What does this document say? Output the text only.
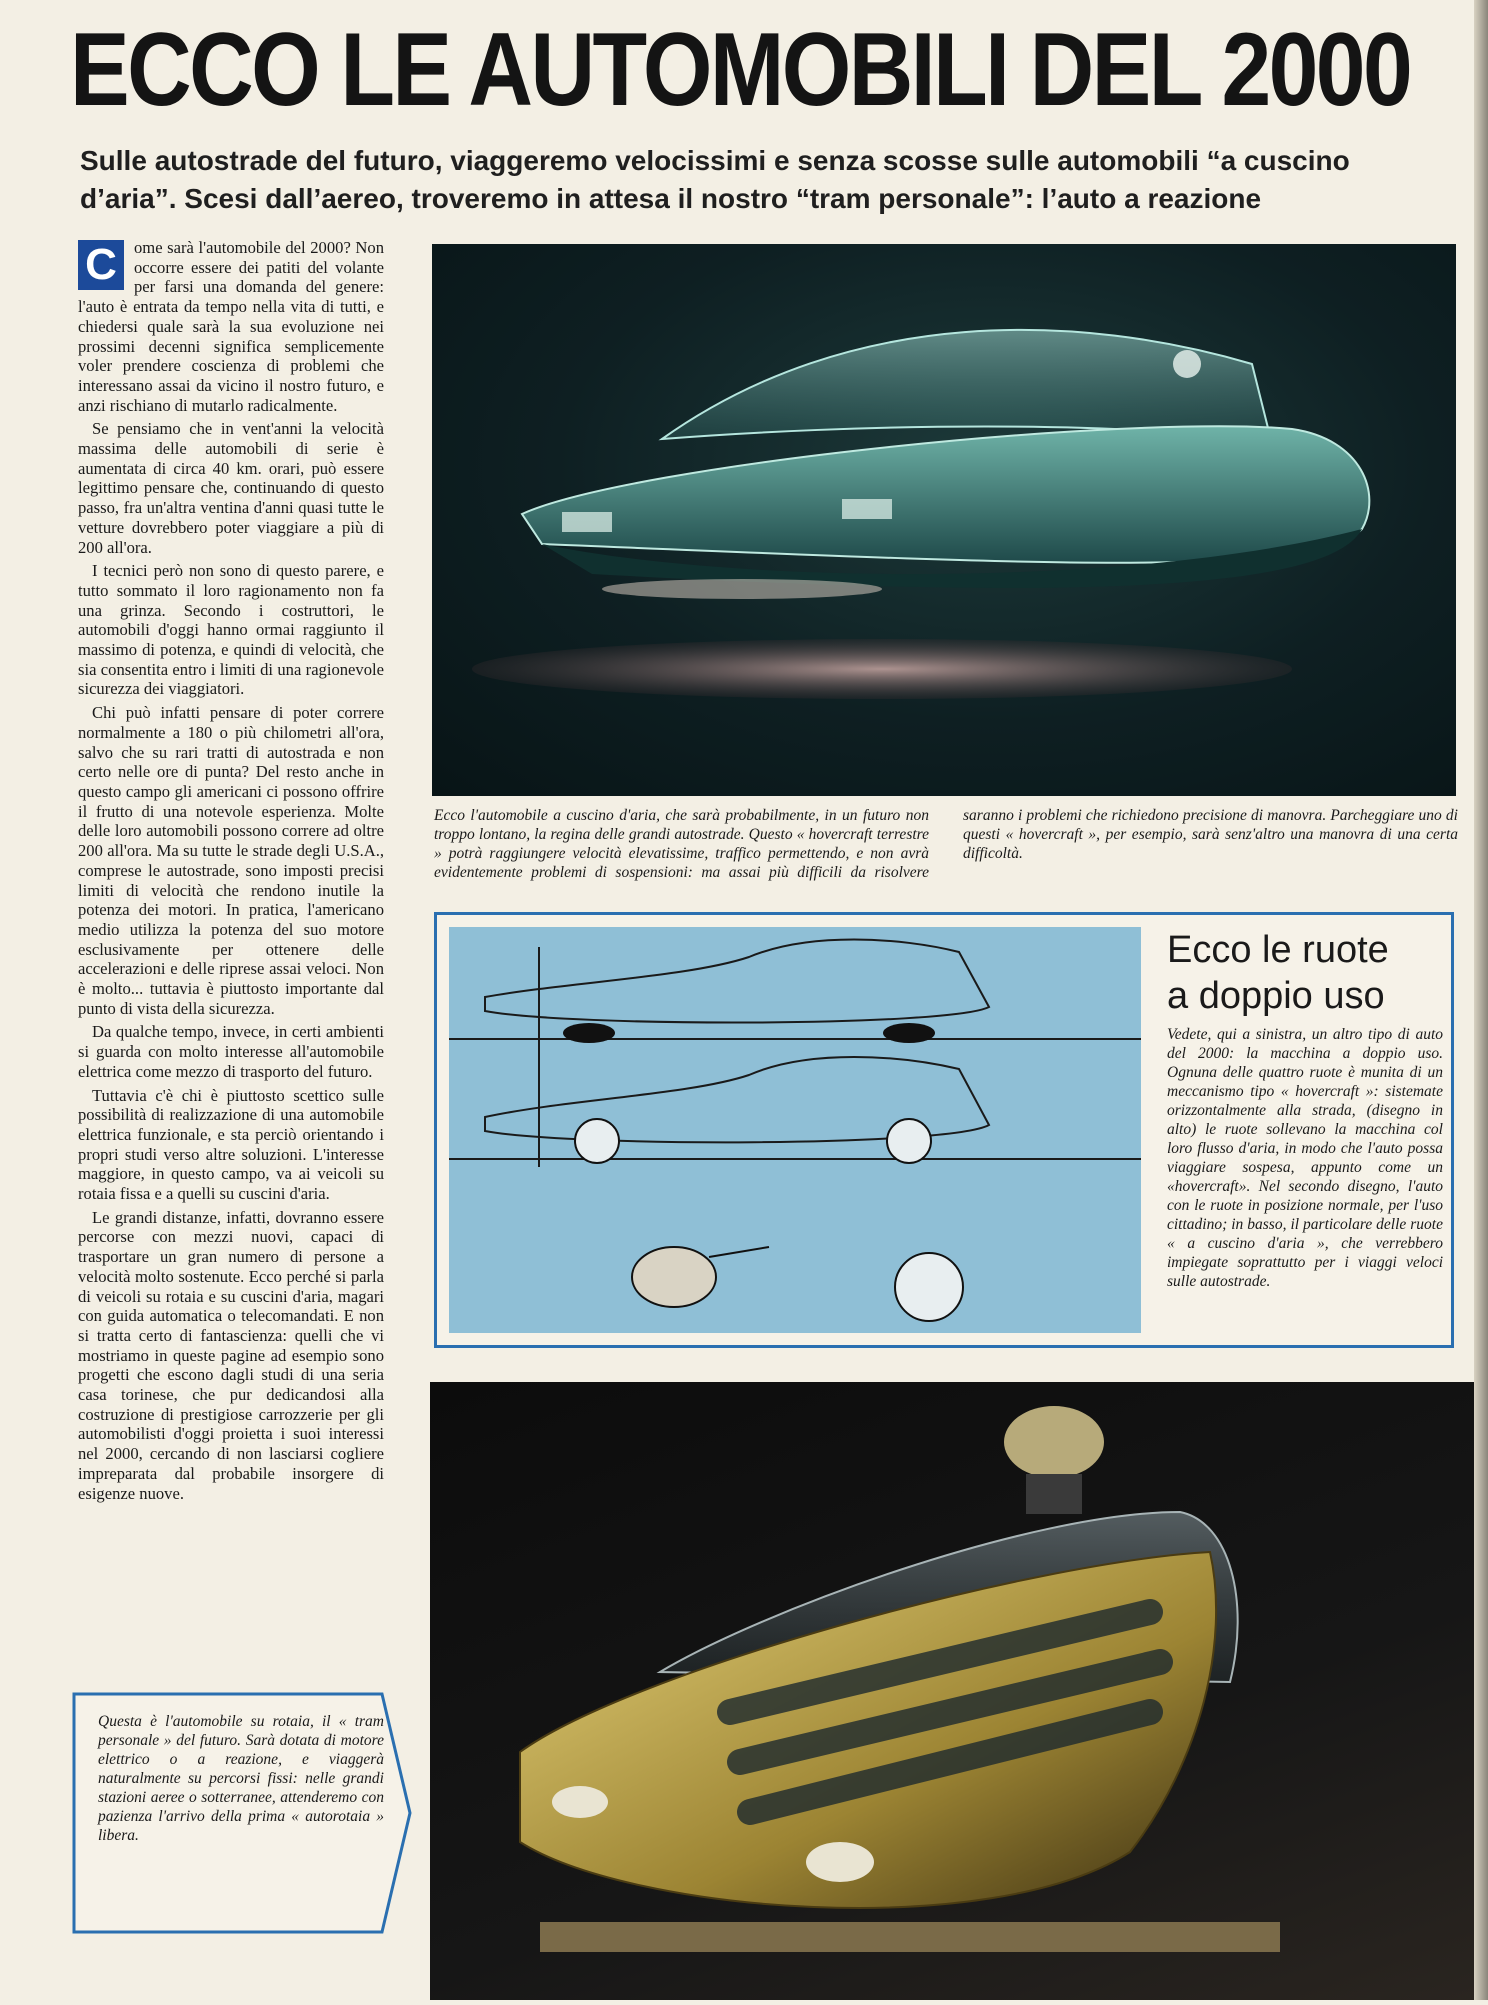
ECCO LE AUTOMOBILI DEL 2000
Sulle autostrade del futuro, viaggeremo velocissimi e senza scosse sulle automobili “a cuscino
d’aria”. Scesi dall’aereo, troveremo in attesa il nostro “tram personale”: l’auto a reazione

C	ome sarà l'automobile del 2000? Non occorre essere dei patiti del volante per farsi una domanda del genere: l'auto è entrata da tempo nella vita di tutti, e chiedersi quale sarà la sua evoluzione nei prossimi decenni significa semplicemente voler prendere coscienza di problemi che interessano assai da vicino il nostro futuro, e anzi rischiano di mutarlo radicalmente.

Se pensiamo che in vent'anni la velocità massima delle automobili di serie è aumentata di circa 40 km. orari, può essere legittimo pensare che, continuando di questo passo, fra un'altra ventina d'anni quasi tutte le vetture dovrebbero poter viaggiare a più di 200 all'ora.

I tecnici però non sono di questo parere, e tutto sommato il loro ragionamento non fa una grinza. Secondo i costruttori, le automobili d'oggi hanno ormai raggiunto il massimo di potenza, e quindi di velocità, che sia consentita entro i limiti di una ragionevole sicurezza dei viaggiatori.

Chi può infatti pensare di poter correre normalmente a 180 o più chilometri all'ora, salvo che su rari tratti di autostrada e non certo nelle ore di punta? Del resto anche in questo campo gli americani ci possono offrire il frutto di una notevole esperienza. Molte delle loro automobili possono correre ad oltre 200 all'ora. Ma su tutte le strade degli U.S.A., comprese le autostrade, sono imposti precisi limiti di velocità che rendono inutile la potenza dei motori. In pratica, l'americano medio utilizza la potenza del suo motore esclusivamente per ottenere delle accelerazioni e delle riprese assai veloci. Non è molto... tuttavia è piuttosto importante dal punto di vista della sicurezza.

Da qualche tempo, invece, in certi ambienti si guarda con molto interesse all'automobile elettrica come mezzo di trasporto del futuro.

Tuttavia c'è chi è piuttosto scettico sulle possibilità di realizzazione di una automobile elettrica funzionale, e sta perciò orientando i propri studi verso altre soluzioni. L'interesse maggiore, in questo campo, va ai veicoli su rotaia fissa e a quelli su cuscini d'aria.

Le grandi distanze, infatti, dovranno essere percorse con mezzi nuovi, capaci di trasportare un gran numero di persone a velocità molto sostenute. Ecco perché si parla di veicoli su rotaia e su cuscini d'aria, magari con guida automatica o telecomandati. E non si tratta certo di fantascienza: quelli che vi mostriamo in queste pagine ad esempio sono progetti che escono dagli studi di una seria casa torinese, che pur dedicandosi alla costruzione di prestigiose carrozzerie per gli automobilisti d'oggi proietta i suoi interessi nel 2000, cercando di non lasciarsi cogliere impreparata dal probabile insorgere di esigenze nuove.

Ecco l'automobile a cuscino d'aria, che sarà probabilmente, in un futuro non troppo lontano, la regina delle grandi autostrade. Questo « hovercraft terrestre » potrà raggiungere velocità elevatissime, traffico permettendo, e non avrà evidentemente problemi di sospensioni: ma assai più difficili da risolvere saranno i problemi che richiedono precisione di manovra. Parcheggiare uno di questi « hovercraft », per esempio, sarà senz'altro una manovra di una certa difficoltà.
Ecco le ruote
a doppio uso
Vedete, qui a sinistra, un altro tipo di auto del 2000: la macchina a doppio uso. Ognuna delle quattro ruote è munita di un meccanismo tipo « hovercraft »: sistemate orizzontalmente alla strada, (disegno in alto) le ruote sollevano la macchina col loro flusso d'aria, in modo che l'auto possa viaggiare sospesa, appunto come un «hovercraft». Nel secondo disegno, l'auto con le ruote in posizione normale, per l'uso cittadino; in basso, il particolare delle ruote « a cuscino d'aria », che verrebbero impiegate soprattutto per i viaggi veloci sulle autostrade.
Questa è l'automobile su rotaia, il « tram personale » del futuro. Sarà dotata di motore elettrico o a reazione, e viaggerà naturalmente su percorsi fissi: nelle grandi stazioni aeree o sotterranee, attenderemo con pazienza l'arrivo della prima « autorotaia » libera.
